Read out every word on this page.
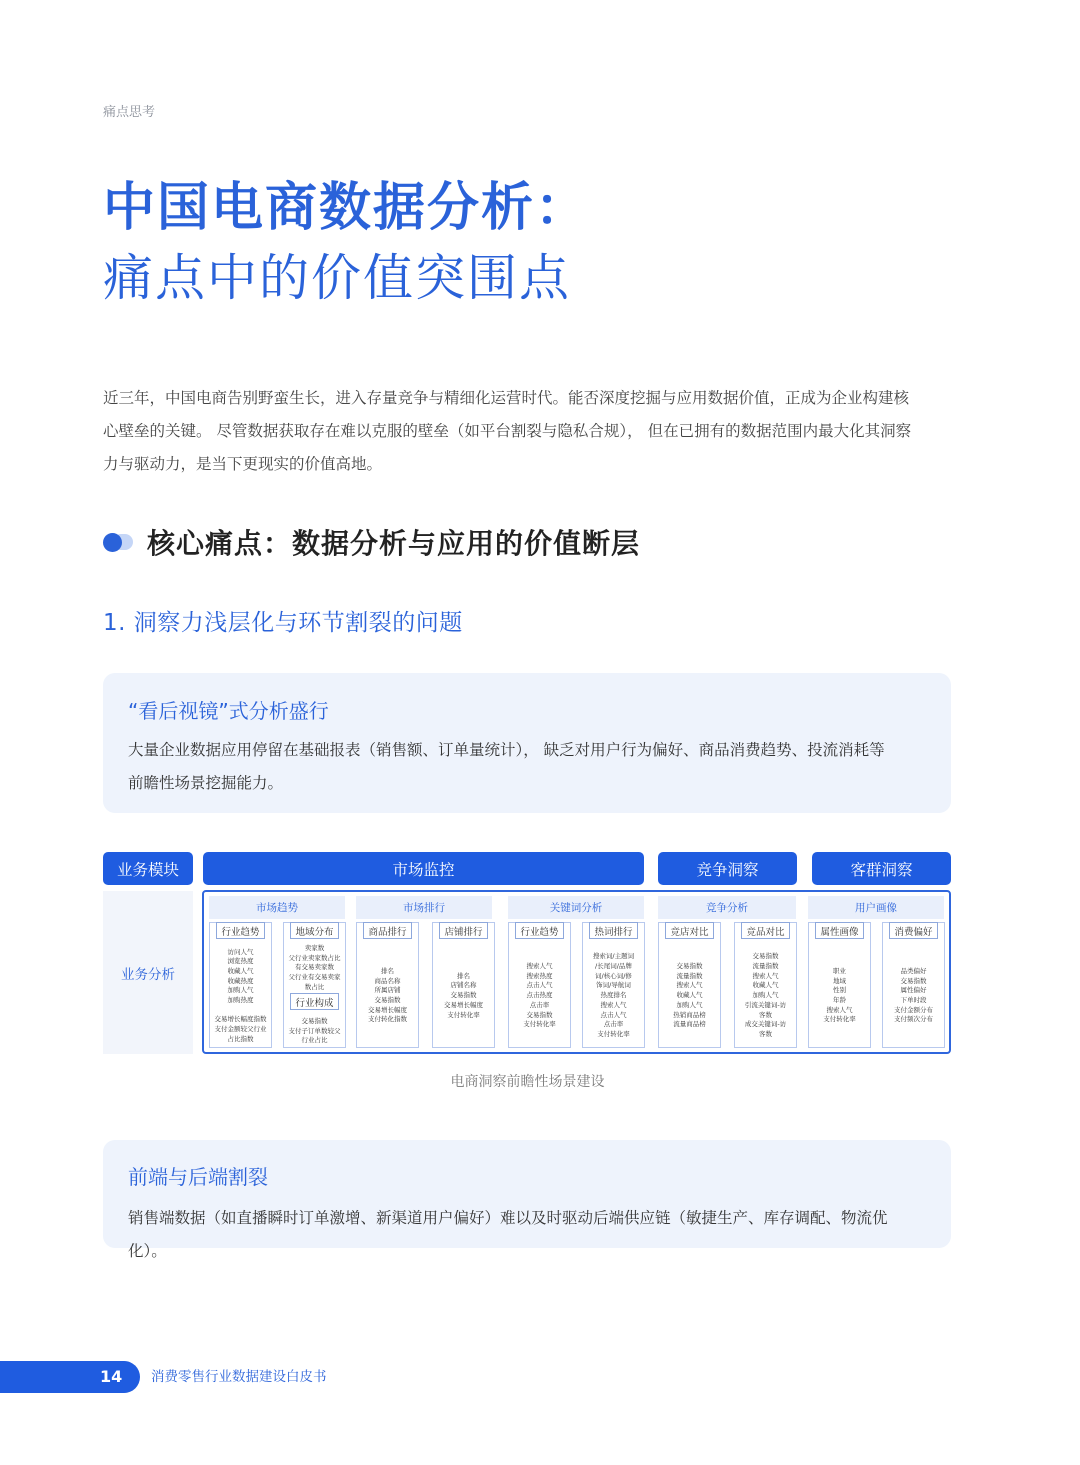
痛点思考
中国电商数据分析：
痛点中的价值突围点
近三年，中国电商告别野蛮生长，进入存量竞争与精细化运营时代。能否深度挖掘与应用数据价值，正成为企业构建核
心壁垒的关键。 尽管数据获取存在难以克服的壁垒（如平台割裂与隐私合规）， 但在已拥有的数据范围内最大化其洞察
力与驱动力，是当下更现实的价值高地。
核心痛点：数据分析与应用的价值断层
1. 洞察力浅层化与环节割裂的问题
“看后视镜”式分析盛行
大量企业数据应用停留在基础报表（销售额、订单量统计）， 缺乏对用户行为偏好、商品消费趋势、投流消耗等
前瞻性场景挖掘能力。
业务模块	市场监控	竞争洞察	客群洞察
业务分析
市场趋势	市场排行	关键词分析	竞争分析	用户画像
行业趋势
访问人气
浏览热度
收藏人气
收藏热度
加购人气
加购热度
交易增长幅度指数
支付金额较父行业
占比指数
地域分布
卖家数
父行业卖家数占比
有交易卖家数
父行业有交易卖家
数占比
行业构成
交易指数
支付子订单数较父
行业占比
商品排行
排名
商品名称
所属店铺
交易指数
交易增长幅度
支付转化指数
店铺排行
排名
店铺名称
交易指数
交易增长幅度
支付转化率
行业趋势
搜索人气
搜索热度
点击人气
点击热度
点击率
交易指数
支付转化率
热词排行
搜索词/主题词
/长尾词/品牌
词/核心词/修
饰词/导航词
热度排名
搜索人气
点击人气
点击率
支付转化率
竞店对比
交易指数
流量指数
搜索人气
收藏人气
加购人气
热销商品榜
流量商品榜
竞品对比
交易指数
流量指数
搜索人气
收藏人气
加购人气
引流关键词-访
客数
成交关键词-访
客数
属性画像
职业
地域
性别
年龄
搜索人气
支付转化率
消费偏好
品类偏好
交易指数
属性偏好
下单时段
支付金额分布
支付频次分布
电商洞察前瞻性场景建设
前端与后端割裂
销售端数据（如直播瞬时订单激增、新渠道用户偏好）难以及时驱动后端供应链（敏捷生产、库存调配、物流优化）。
14 消费零售行业数据建设白皮书
